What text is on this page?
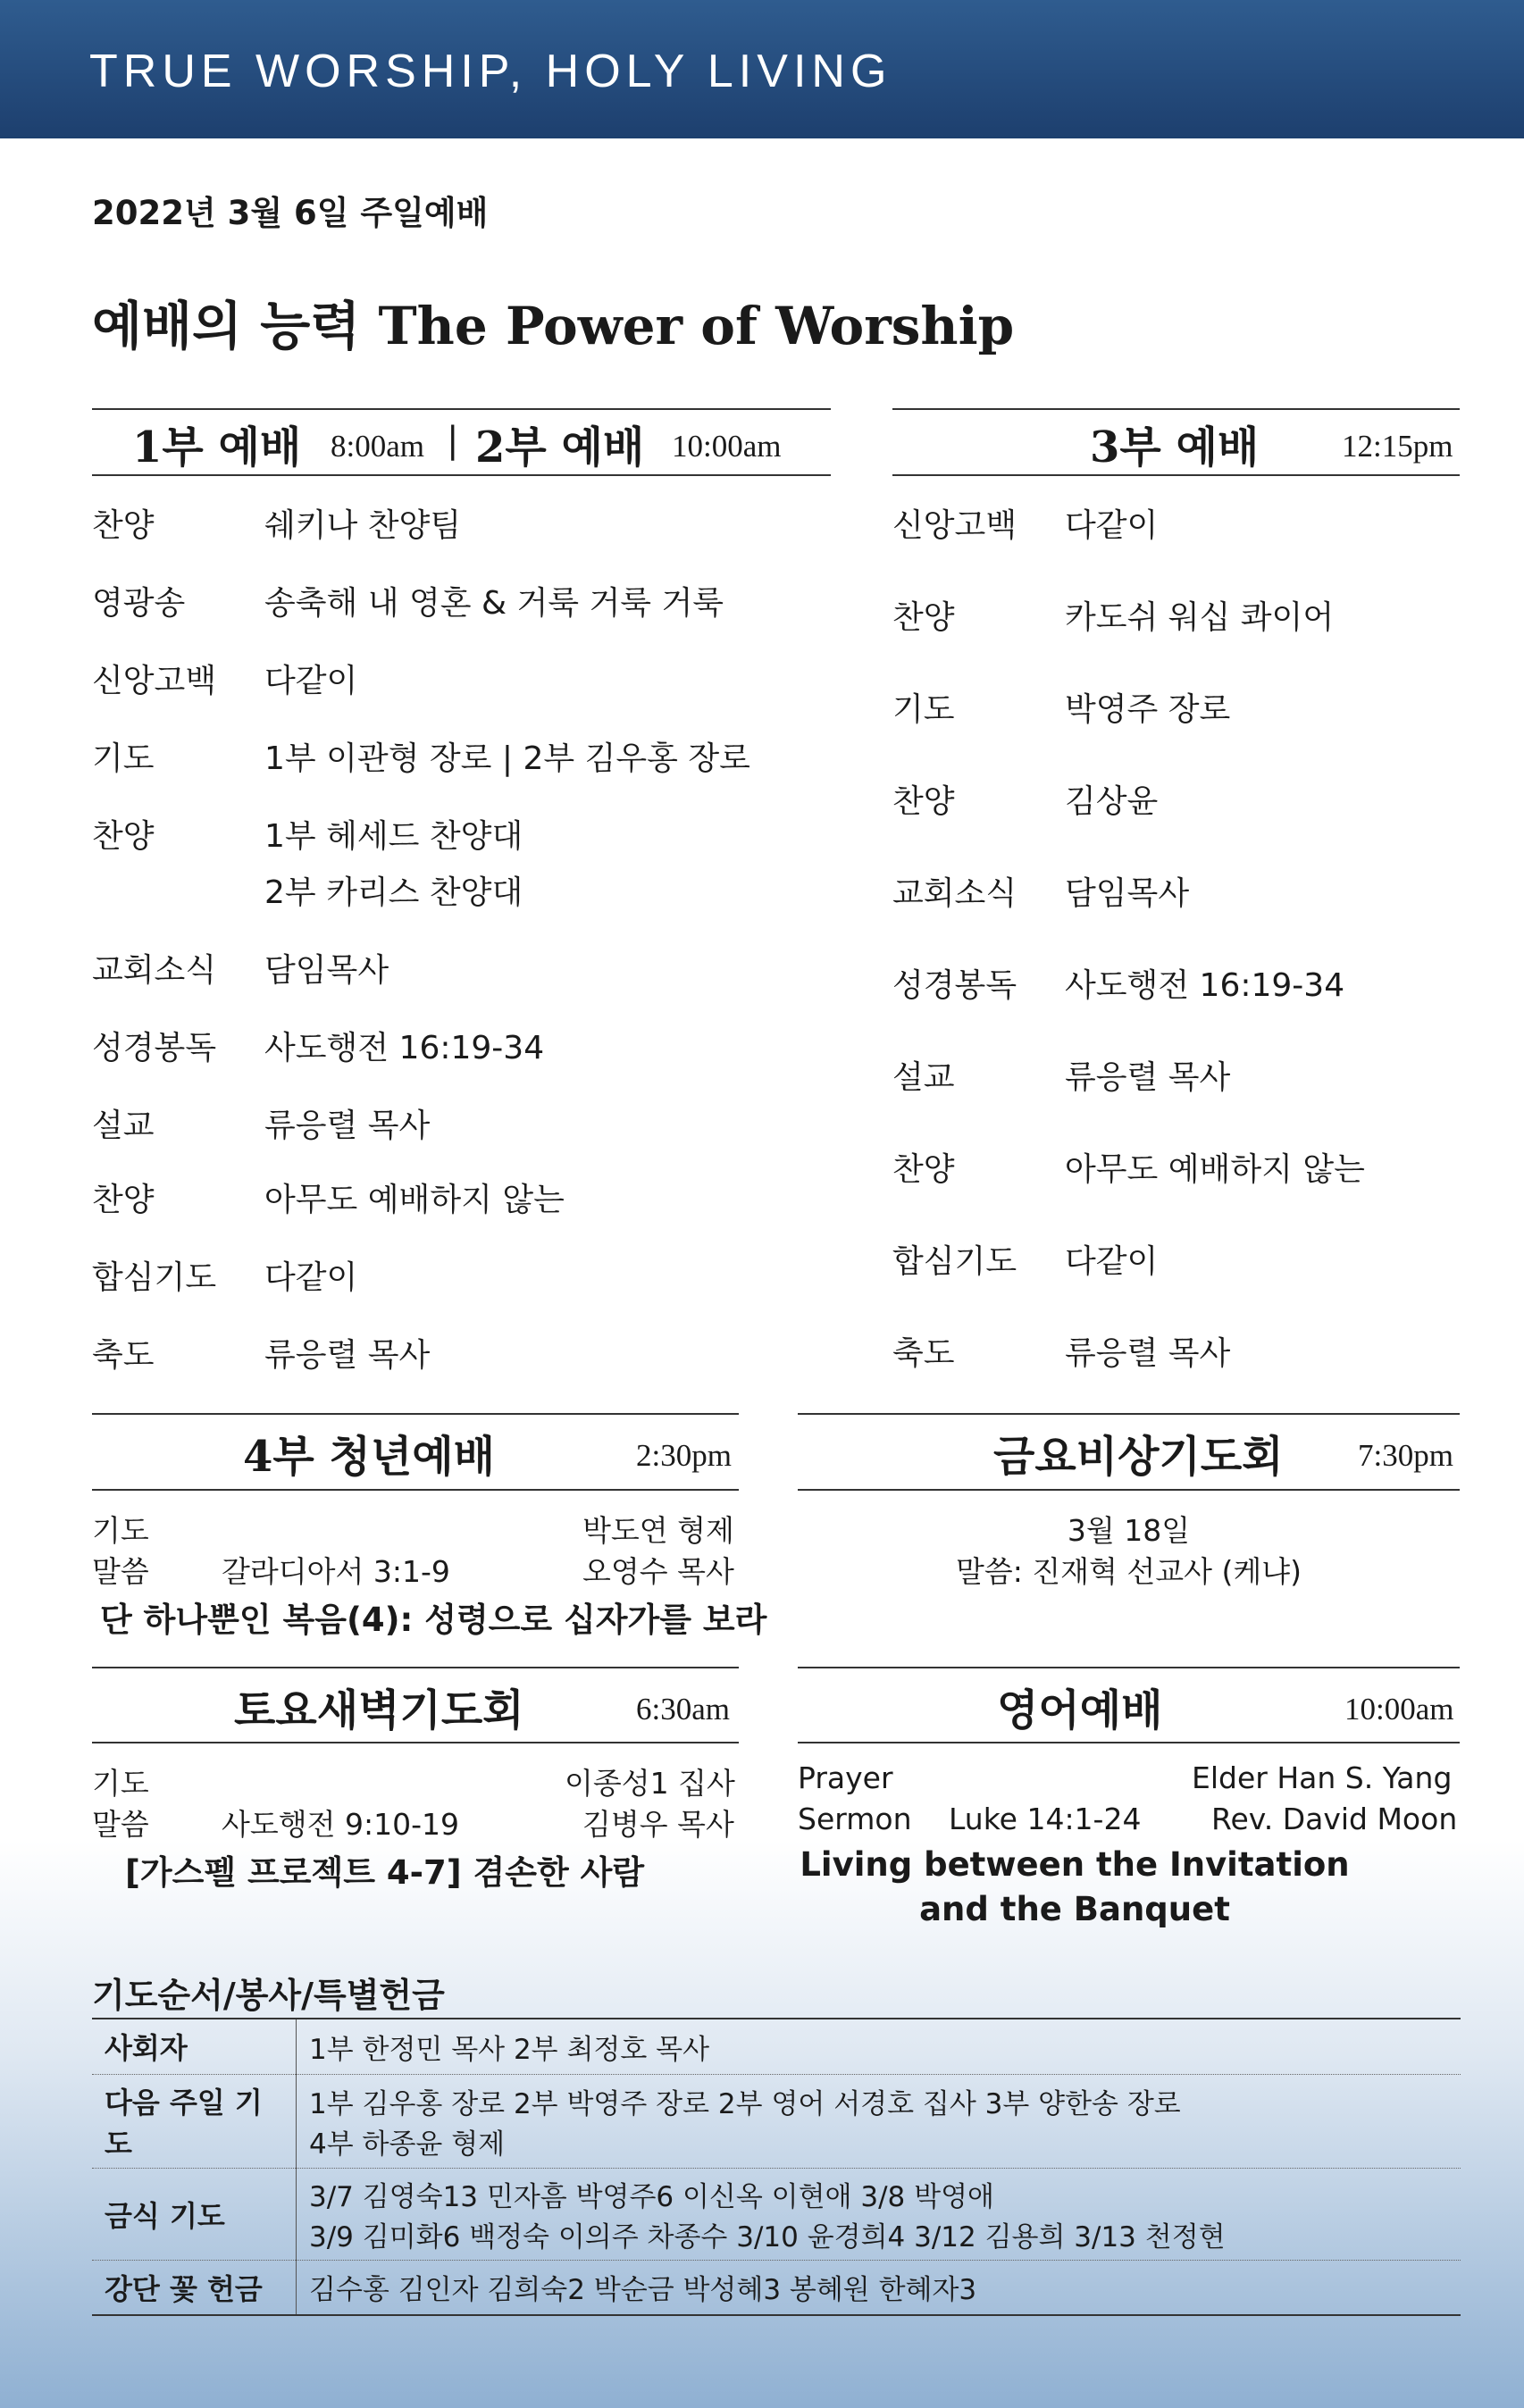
TRUE WORSHIP, HOLY LIVING
2022년 3월 6일 주일예배
예배의 능력 The Power of Worship
1부 예배 8:00am | 2부 예배 10:00am
찬양	쉐키나 찬양팀
영광송 송축해 내 영혼 & 거룩 거룩 거룩
신앙고백 다같이
기도	1부 이관형 장로 | 2부 김우홍 장로
찬양	1부 헤세드 찬양대
2부 카리스 찬양대
교회소식 담임목사
성경봉독 사도행전 16:19-34
설교	류응렬 목사
찬양	아무도 예배하지 않는
합심기도 다같이
축도	류응렬 목사
3부 예배	12:15pm
신앙고백 다같이
찬양	카도쉬 워십 콰이어
기도	박영주 장로
찬양	김상윤
교회소식 담임목사
성경봉독 사도행전 16:19-34
설교	류응렬 목사
찬양	아무도 예배하지 않는
합심기도 다같이
축도	류응렬 목사
4부 청년예배	2:30pm
기도	박도연 형제
말씀 갈라디아서 3:1-9	오영수 목사
단 하나뿐인 복음(4): 성령으로 십자가를 보라
금요비상기도회 7:30pm
3월 18일
말씀: 진재혁 선교사 (케냐)
토요새벽기도회	6:30am
기도	이종성1 집사
말씀 사도행전 9:10-19	김병우 목사
[가스펠 프로젝트 4-7] 겸손한 사람
영어예배	10:00am
Prayer	Elder Han S. Yang
Sermon Luke 14:1-24 Rev. David Moon
Living between the Invitation
and the Banquet
기도순서/봉사/특별헌금
사회자	1부 한정민 목사 2부 최정호 목사

다음 주일 기도	1부 김우홍 장로 2부 박영주 장로 2부 영어 서경호 집사 3부 양한송 장로
4부 하종윤 형제

금식 기도	3/7 김영숙13 민자흠 박영주6 이신옥 이현애 3/8 박영애
3/9 김미화6 백정숙 이의주 차종수 3/10 윤경희4 3/12 김용희 3/13 천정현

강단 꽃 헌금	김수홍 김인자 김희숙2 박순금 박성혜3 봉혜원 한혜자3
